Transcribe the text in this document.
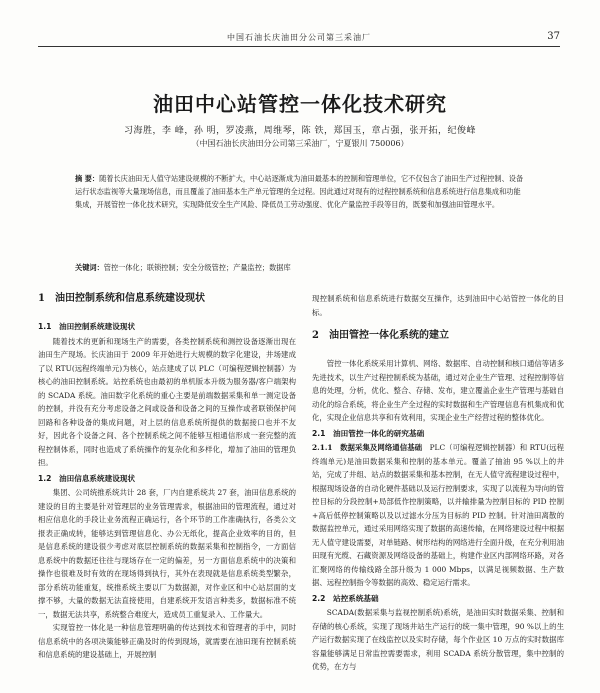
中国石油长庆油田分公司第三采油厂	37
油田中心站管控一体化技术研究
习海胜，李 峰，孙 明，罗凌燕，周维琴，陈 铁，郑国玉，章占强，张开拓，纪俊峰
（中国石油长庆油田分公司第三采油厂，宁夏银川 750006）
摘 要：随着长庆油田无人值守站建设规模的不断扩大，中心站逐渐成为油田最基本的控制和管理单位，它不仅包含了油田生产过程控制、设备运行状态监视等大量现场信息，而且覆盖了油田基本生产单元管理的全过程。因此通过对现有的过程控制系统和信息系统进行信息集成和功能集成，开展管控一体化技术研究，实现降低安全生产风险、降低员工劳动强度、优化产量监控手段等目的，既要和加强油田管理水平。
关键词：管控一体化；联锁控制；安全分级管控；产量监控；数据库
1　油田控制系统和信息系统建设现状
1.1　油田控制系统建设现状

随着技术的更新和现场生产的需要，各类控制系统和测控设备逐渐出现在油田生产现场。长庆油田于 2009 年开始进行大规模的数字化建设，井场建成了以 RTU(远程终端单元)为核心，站点建成了以 PLC（可编程逻辑控制器）为核心的油田控制系统。站控系统也由最初的单机版本升级为服务器/客户端架构的 SCADA 系统。油田数字化系统的重心主要是前端数据采集和单一测定设备的控制，并没有充分考虑设备之间或设备和设备之间的互操作或者联锁保护间回路和各种设备的集成问题，对上层的信息系统所提供的数据接口也并不友好，因此各个设备之间、各个控制系统之间不能够互相通信形成一套完整的流程控制体系，同时也造成了系统操作的复杂化和多样化，增加了油田的管理负担。

1.2　油田信息系统建设现状

集团、公司统推系统共计 28 套，厂内自建系统共 27 套，油田信息系统的建设的目的主要是针对管理层的业务管理需求，根据油田的管理流程，通过对相应信息化的手段让业务流程正确运行，各个环节的工作准确执行，各类公文报表正确成转，能够达到管理信息化、办公无纸化，提高企业效率的目的，但是信息系统的建设很少考虑对底层控制系统的数据采集和控制指令，一方面信息系统中的数据还往往与现场存在一定的偏差，另一方面信息系统中的决策和操作也很难及时有效的在现场得到执行，其外在表现就是信息系统类型繁杂，部分系统功能重复，统推系统主要以厂为数据源，对作业区和中心站层面的支撑不够，大量的数据无法直接使用，自建系统开发语言种类多，数据标准不统一，数据无法共享，系统整合难度大，造成员工重复录入、工作量大。

实现管控一体化是一种信息管理明确的传达到技术和管理者的手中，同时信息系统中的各项决策能够正确及时的传到现场，就需要在油田现有控制系统和信息系统的建设基础上，开展控制

现控制系统和信息系统进行数据交互操作，达到油田中心站管控一体化的目标。

2　油田管控一体化系统的建立

管控一体化系统采用计算机、网络、数据库、自动控制和核口通信等诸多先进技术，以生产过程控制系统为基础，通过对企业生产管理、过程控制等信息的处理，分析，优化、整合、存储、发布，建立覆盖企业生产管理与基础自动化的综合系统，将企业生产全过程的实时数据和生产管理信息有机集成和优化，实现企业信息共享和有效利用，实现企业生产经营过程的整体优化。

2.1　油田管控一体化的研究基础

2.1.1　数据采集及网络通信基础　 PLC（可编程逻辑控制器）和 RTU(远程终端单元)是油田数据采集和控制的基本单元。覆盖了抽油 95 %以上的井站，完成了井组、站点的数据采集和基本控制，在无人值守流程建设过程中，根据现场设备的自动化硬件基础以及运行控制要求，实现了以流程为导向的管控目标的分段控制+局部低作控制策略，以并输排量为控制目标的 PID 控制+高后低停控制策略以及以过滤水分压为目标的 PID 控制。针对油田离散的数据监控单元，通过采用网络实现了数据的高速传输，在网络建设过程中根据无人值守建设需要，对单链路、树形结构的网络进行全面升级，在充分利用油田现有光缆、石藏资源及网络设备的基础上，构建作业区内部网络环路，对各汇聚网络的传输线路全部升级为 1 000 Mbps，以满足视频数据、生产数据、远程控制指令等数据的高效、稳定运行需求。

2.2　站控系统基础

SCADA(数据采集与监视控制系统)系统，是油田实时数据采集、控制和存储的核心系统，实现了现场井站生产运行的统一集中管理，90 %以上的生产运行数据实现了在线监控以及实时存储，每个作业区 10 万点的实时数据库容量能够满足日常监控需要需求，利用 SCADA 系统分散管理，集中控制的优势，在方与
